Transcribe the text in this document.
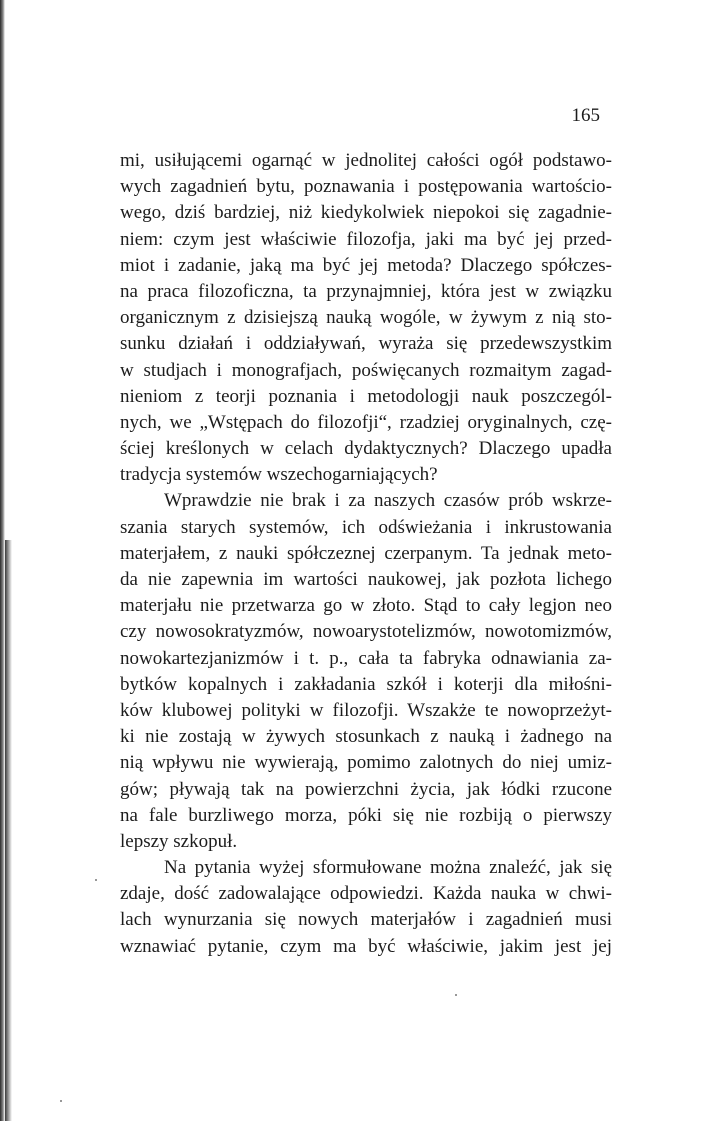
165
mi, usiłującemi ogarnąć w jednolitej całości ogół podstawo-
wych zagadnień bytu, poznawania i postępowania wartościo-
wego, dziś bardziej, niż kiedykolwiek niepokoi się zagadnie-
niem: czym jest właściwie filozofja, jaki ma być jej przed-
miot i zadanie, jaką ma być jej metoda? Dlaczego spółczes-
na praca filozoficzna, ta przynajmniej, która jest w związku
organicznym z dzisiejszą nauką wogóle, w żywym z nią sto-
sunku działań i oddziaływań, wyraża się przedewszystkim
w studjach i monografjach, poświęcanych rozmaitym zagad-
nieniom z teorji poznania i metodologji nauk poszczegól-
nych, we „Wstępach do filozofji“, rzadziej oryginalnych, czę-
ściej kreślonych w celach dydaktycznych? Dlaczego upadła
tradycja systemów wszechogarniających?
Wprawdzie nie brak i za naszych czasów prób wskrze-
szania starych systemów, ich odświeżania i inkrustowania
materjałem, z nauki spółczeznej czerpanym. Ta jednak meto-
da nie zapewnia im wartości naukowej, jak pozłota lichego
materjału nie przetwarza go w złoto. Stąd to cały legjon neo
czy nowosokratyzmów, nowoarystotelizmów, nowotomizmów,
nowokartezjanizmów i t. p., cała ta fabryka odnawiania za-
bytków kopalnych i zakładania szkół i koterji dla miłośni-
ków klubowej polityki w filozofji. Wszakże te nowoprzeżyt-
ki nie zostają w żywych stosunkach z nauką i żadnego na
nią wpływu nie wywierają, pomimo zalotnych do niej umiz-
gów; pływają tak na powierzchni życia, jak łódki rzucone
na fale burzliwego morza, póki się nie rozbiją o pierwszy
lepszy szkopuł.
Na pytania wyżej sformułowane można znaleźć, jak się
zdaje, dość zadowalające odpowiedzi. Każda nauka w chwi-
lach wynurzania się nowych materjałów i zagadnień musi
wznawiać pytanie, czym ma być właściwie, jakim jest jej
